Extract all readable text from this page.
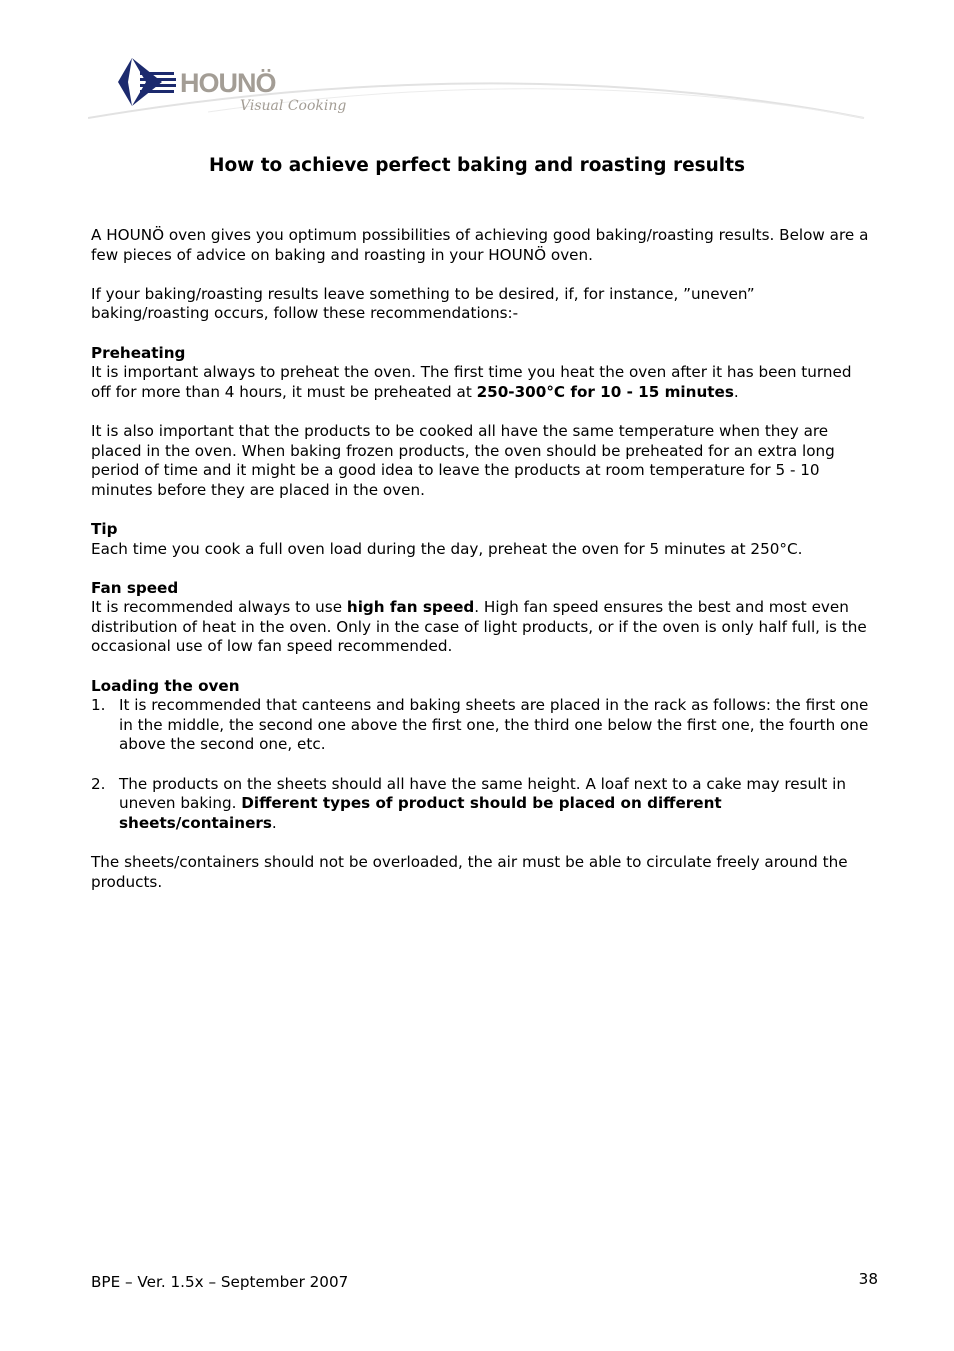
HOUNÖ
Visual Cooking
How to achieve perfect baking and roasting results

A HOUNÖ oven gives you optimum possibilities of achieving good baking/roasting results. Below are a few pieces of advice on baking and roasting in your HOUNÖ oven.

If your baking/roasting results leave something to be desired, if, for instance, ”uneven” baking/roasting occurs, follow these recommendations:-

Preheating
It is important always to preheat the oven. The first time you heat the oven after it has been turned off for more than 4 hours, it must be preheated at 250-300°C for 10 - 15 minutes.

It is also important that the products to be cooked all have the same temperature when they are placed in the oven. When baking frozen products, the oven should be preheated for an extra long period of time and it might be a good idea to leave the products at room temperature for 5 - 10 minutes before they are placed in the oven.

Tip
Each time you cook a full oven load during the day, preheat the oven for 5 minutes at 250°C.
Fan speed
It is recommended always to use high fan speed. High fan speed ensures the best and most even distribution of heat in the oven. Only in the case of light products, or if the oven is only half full, is the occasional use of low fan speed recommended.
Loading the oven
1. It is recommended that canteens and baking sheets are placed in the rack as follows: the first one in the middle, the second one above the first one, the third one below the first one, the fourth one above the second one, etc.
2. The products on the sheets should all have the same height. A loaf next to a cake may result in uneven baking. Different types of product should be placed on different sheets/containers.

The sheets/containers should not be overloaded, the air must be able to circulate freely around the products.

BPE – Ver. 1.5x – September 2007	38
